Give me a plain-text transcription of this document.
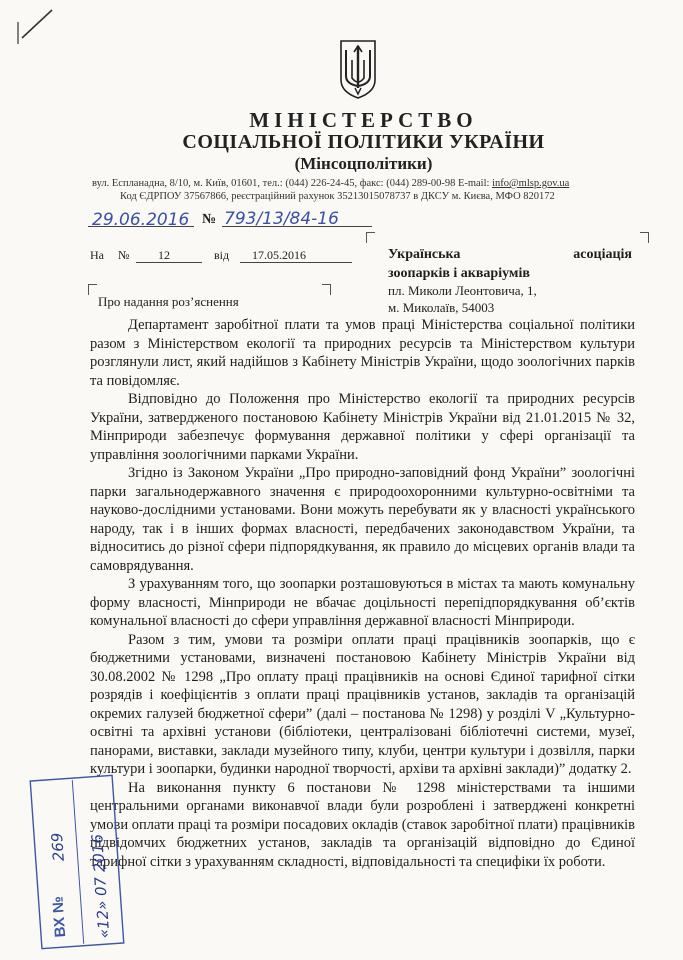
МІНІСТЕРСТВО
СОЦІАЛЬНОЇ ПОЛІТИКИ УКРАЇНИ
(Мінсоцполітики)
вул. Еспланадна, 8/10, м. Київ, 01601, тел.: (044) 226-24-45, факс: (044) 289-00-98 E-mail: info@mlsp.gov.ua
Код ЄДРПОУ 37567866, реєстраційний рахунок 35213015078737 в ДКСУ м. Києва, МФО 820172
29.06.2016 № 793/13/84-16
На № 12	від 17.05.2016	Українська	асоціація
зоопарків і акваріумів
пл. Миколи Леонтовича, 1,
м. Миколаїв, 54003
Про надання роз’яснення

Департамент заробітної плати та умов праці Міністерства соціальної політики разом з Міністерством екології та природних ресурсів та Міністерством культури розглянули лист, який надійшов з Кабінету Міністрів України, щодо зоологічних парків та повідомляє.

Відповідно до Положення про Міністерство екології та природних ресурсів України, затвердженого постановою Кабінету Міністрів України від 21.01.2015 № 32, Мінприроди забезпечує формування державної політики у сфері організації та управління зоологічними парками України.

Згідно із Законом України „Про природно-заповідний фонд України” зоологічні парки загальнодержавного значення є природоохоронними культурно-освітніми та науково-дослідними установами. Вони можуть перебувати як у власності українського народу, так і в інших формах власності, передбачених законодавством України, та відноситись до різної сфери підпорядкування, як правило до місцевих органів влади та самоврядування.

З урахуванням того, що зоопарки розташовуються в містах та мають комунальну форму власності, Мінприроди не вбачає доцільності перепідпорядкування об’єктів комунальної власності до сфери управління державної власності Мінприроди.

Разом з тим, умови та розміри оплати праці працівників зоопарків, що є бюджетними установами, визначені постановою Кабінету Міністрів України від 30.08.2002 № 1298 „Про оплату праці працівників на основі Єдиної тарифної сітки розрядів і коефіцієнтів з оплати праці працівників установ, закладів та організацій окремих галузей бюджетної сфери” (далі – постанова № 1298) у розділі V „Культурно-освітні та архівні установи (бібліотеки, централізовані бібліотечні системи, музеї, панорами, виставки, заклади музейного типу, клуби, центри культури і дозвілля, парки культури і зоопарки, будинки народної творчості, архіви та архівні заклади)” додатку 2.

На виконання пункту 6 постанови № 1298 міністерствами та іншими центральними органами виконавчої влади були розроблені і затверджені конкретні умови оплати праці та розміри посадових окладів (ставок заробітної плати) працівників підвідомчих бюджетних установ, закладів та організацій відповідно до Єдиної тарифної сітки з урахуванням складності, відповідальності та специфіки їх роботи.

ВХ №
269 «12» 07 2016
